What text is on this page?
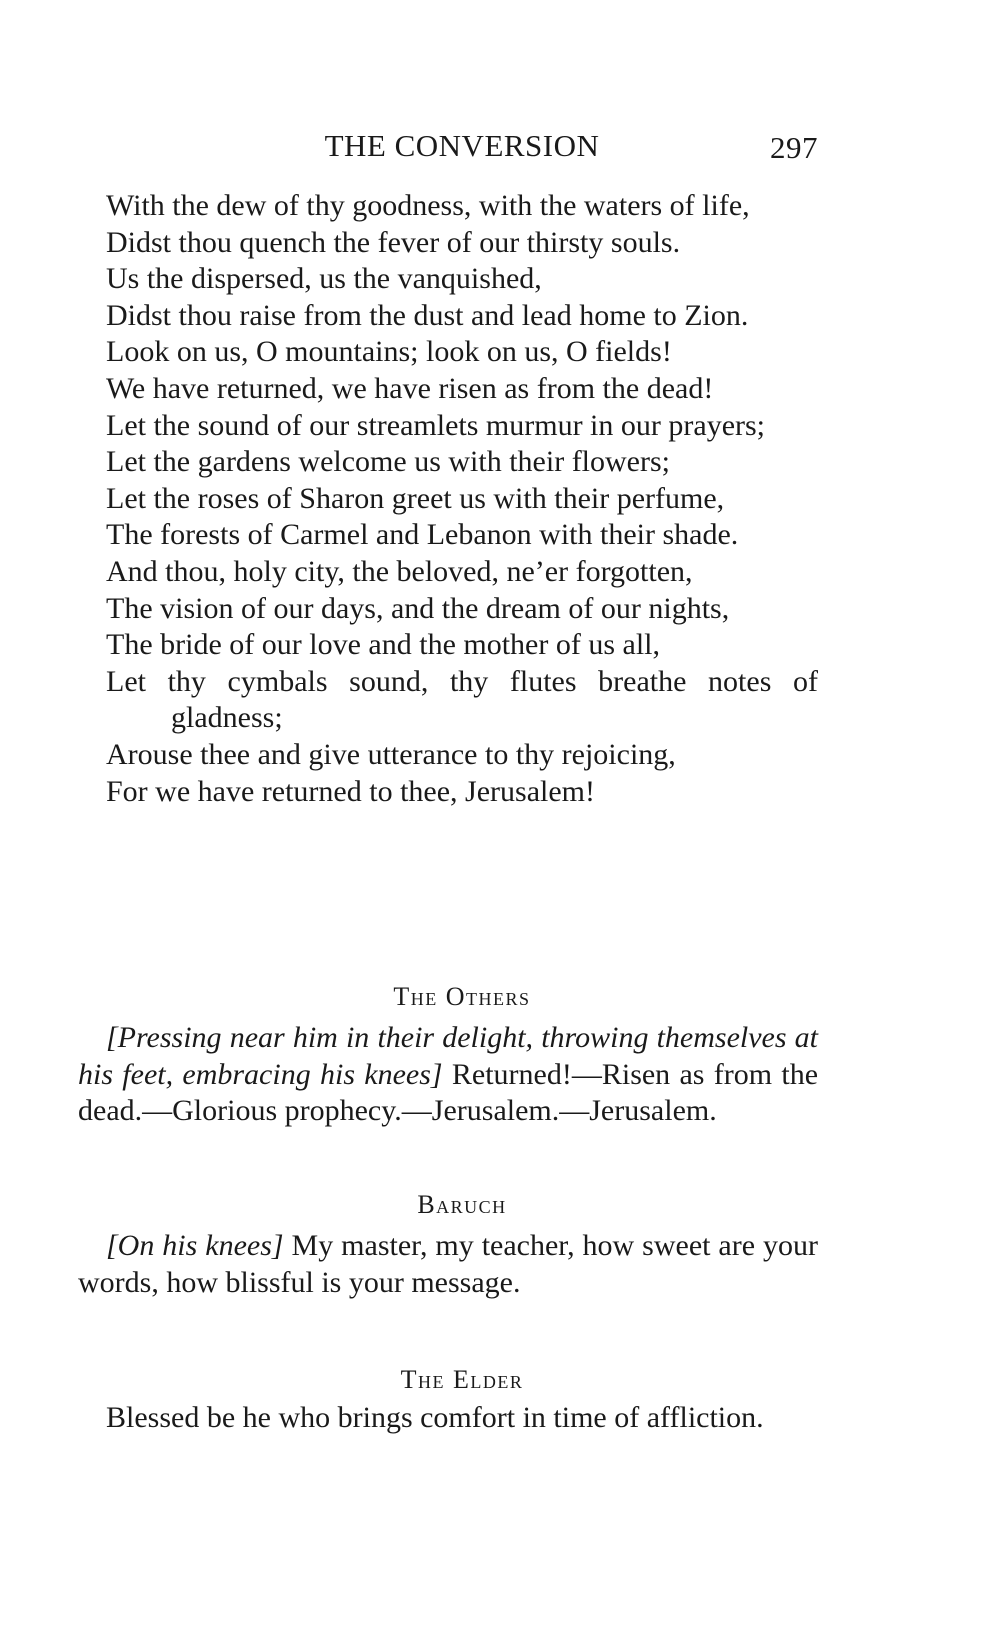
THE CONVERSION	297
With the dew of thy goodness, with the waters of life,
Didst thou quench the fever of our thirsty souls.
Us the dispersed, us the vanquished,
Didst thou raise from the dust and lead home to Zion.
Look on us, O mountains; look on us, O fields!
We have returned, we have risen as from the dead!
Let the sound of our streamlets murmur in our prayers;
Let the gardens welcome us with their flowers;
Let the roses of Sharon greet us with their perfume,
The forests of Carmel and Lebanon with their shade.
And thou, holy city, the beloved, ne’er forgotten,
The vision of our days, and the dream of our nights,
The bride of our love and the mother of us all,
Let thy cymbals sound, thy flutes breathe notes of gladness;
Arouse thee and give utterance to thy rejoicing,
For we have returned to thee, Jerusalem!
The Others
[Pressing near him in their delight, throwing themselves at his feet, embracing his knees] Returned!—Risen as from the dead.—Glorious prophecy.—Jerusalem.—Jerusalem.
Baruch
[On his knees] My master, my teacher, how sweet are your words, how blissful is your message.
The Elder
Blessed be he who brings comfort in time of affliction.
